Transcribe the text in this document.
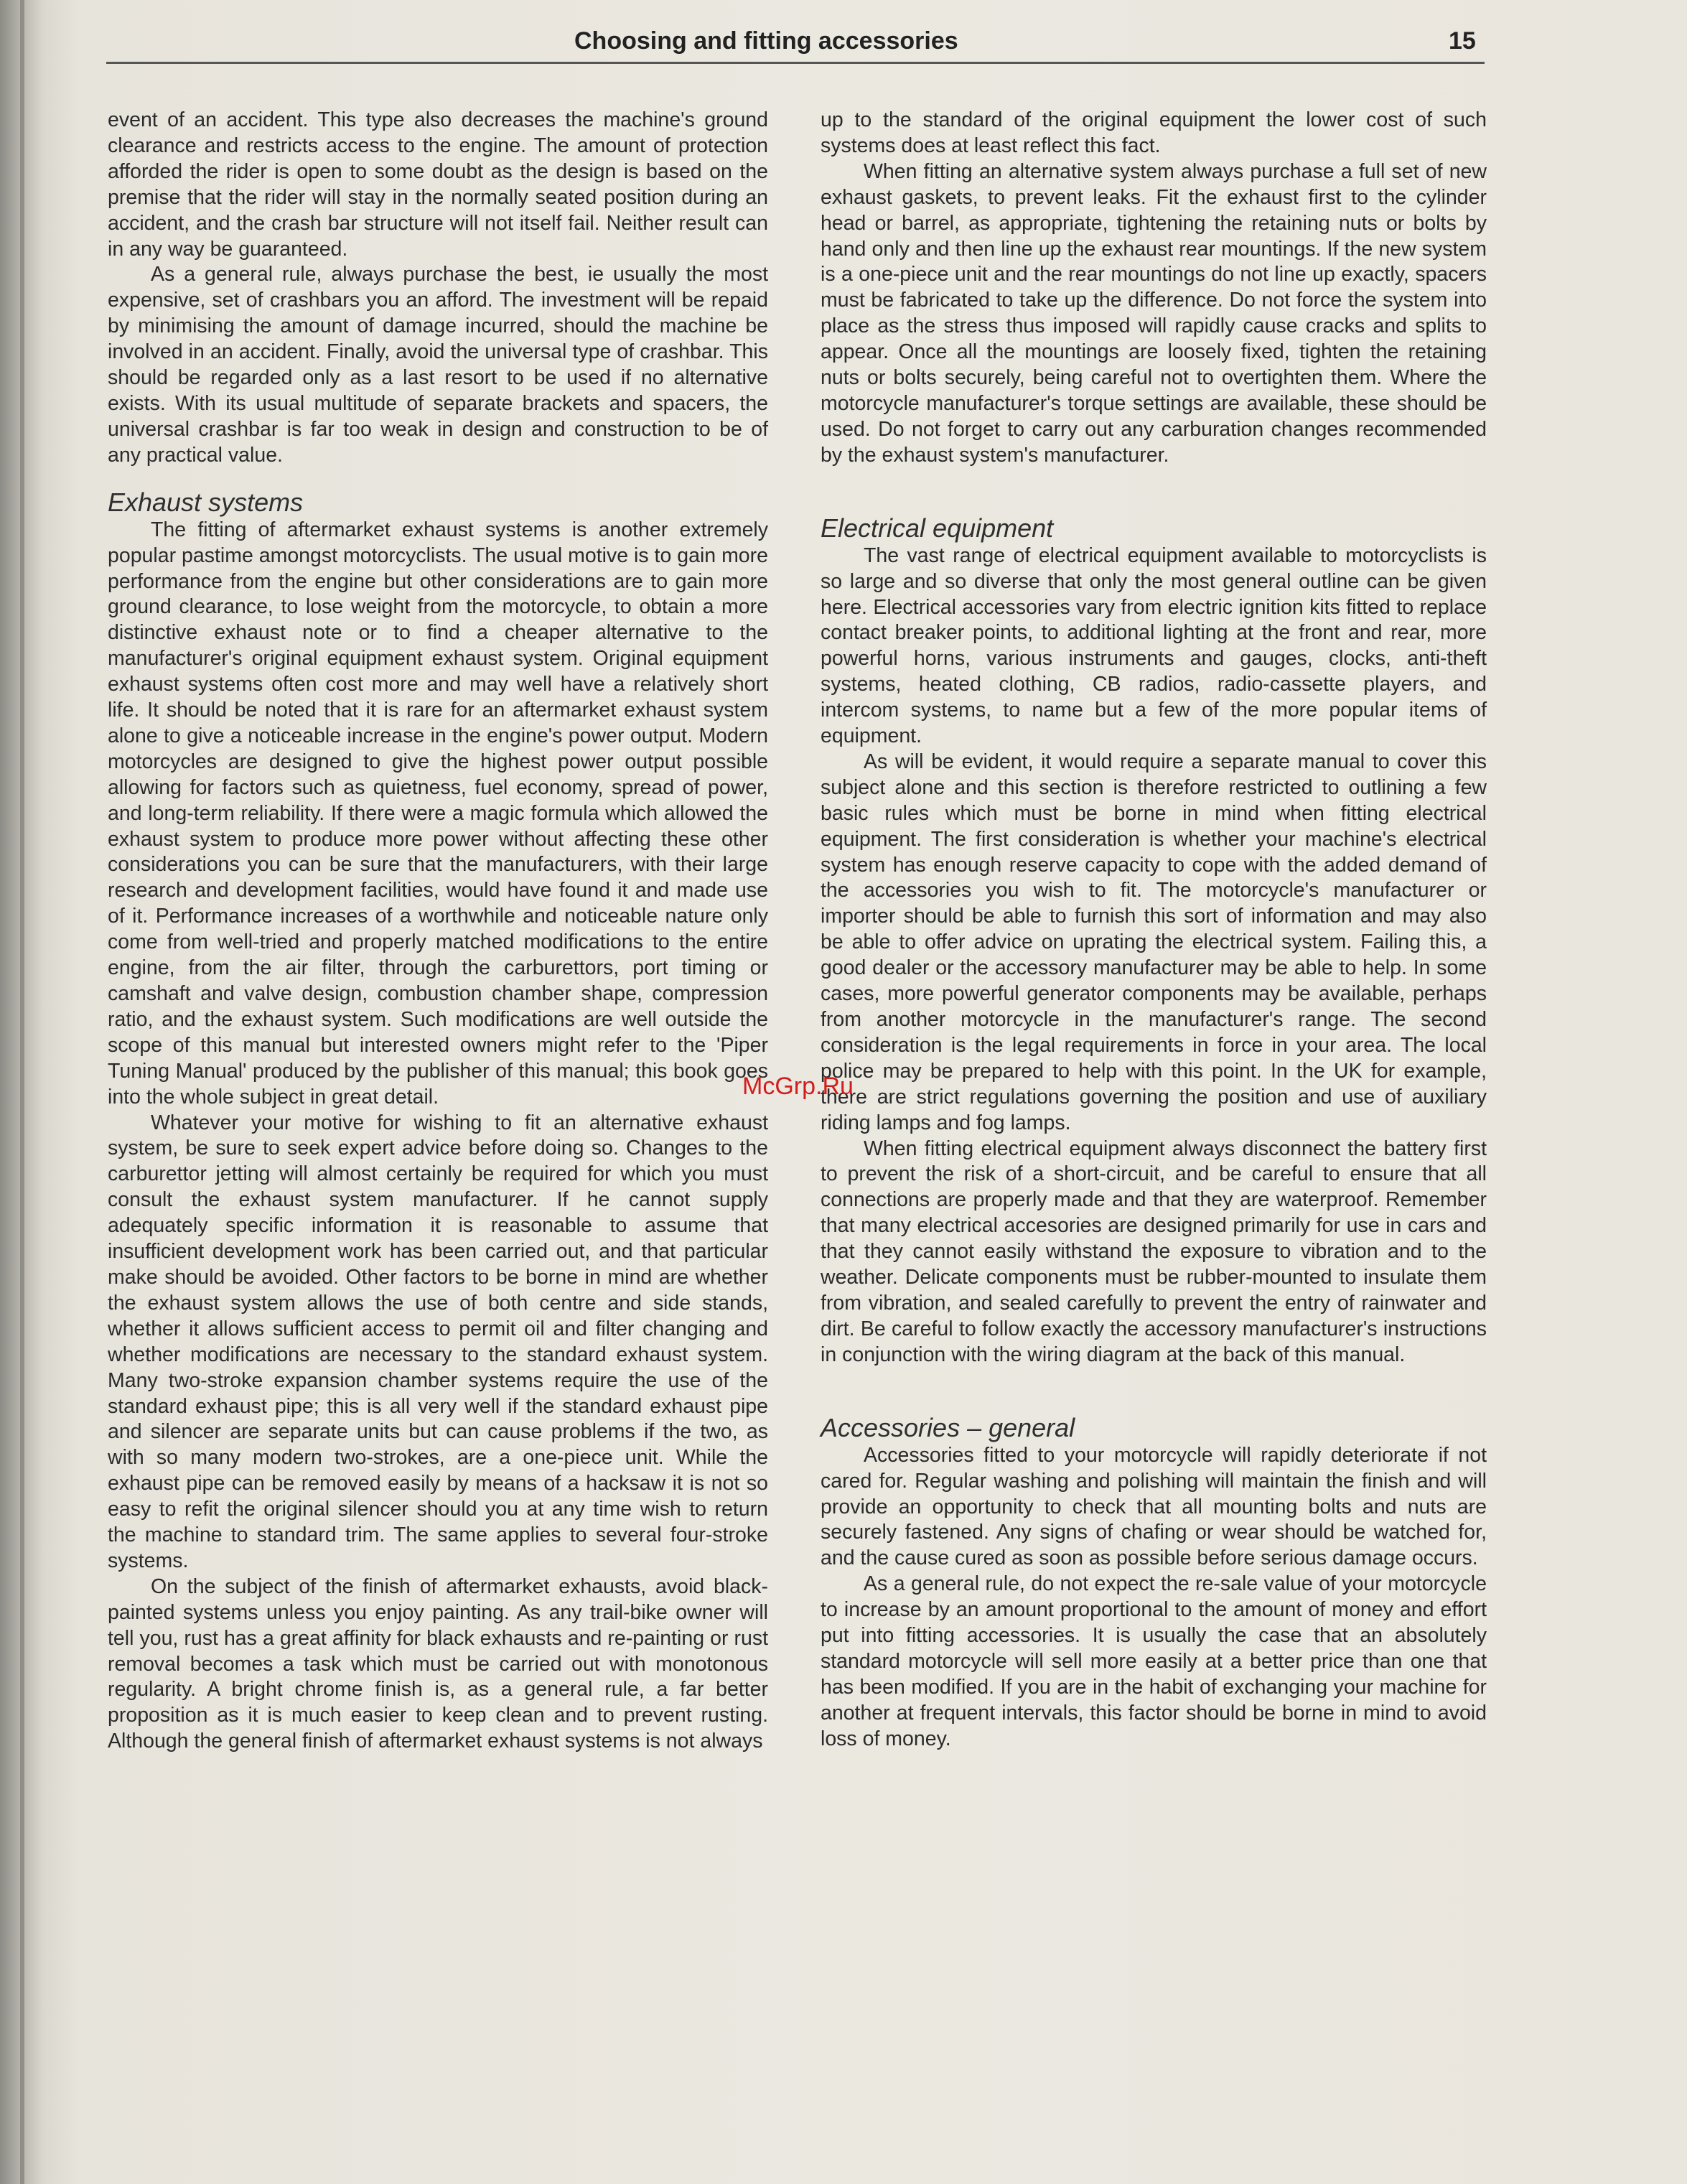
Choosing and fitting accessories	15

event of an accident. This type also decreases the machine's ground clearance and restricts access to the engine. The amount of protection afforded the rider is open to some doubt as the design is based on the premise that the rider will stay in the normally seated position during an accident, and the crash bar structure will not itself fail. Neither result can in any way be guaranteed.

As a general rule, always purchase the best, ie usually the most expensive, set of crashbars you an afford. The investment will be repaid by minimising the amount of damage incurred, should the machine be involved in an accident. Finally, avoid the universal type of crashbar. This should be regarded only as a last resort to be used if no alternative exists. With its usual multitude of separate brackets and spacers, the universal crashbar is far too weak in design and construction to be of any practical value.

Exhaust systems

The fitting of aftermarket exhaust systems is another extremely popular pastime amongst motorcyclists. The usual motive is to gain more performance from the engine but other considerations are to gain more ground clearance, to lose weight from the motorcycle, to obtain a more distinctive exhaust note or to find a cheaper alternative to the manufacturer's original equipment exhaust system. Original equipment exhaust systems often cost more and may well have a relatively short life. It should be noted that it is rare for an aftermarket exhaust system alone to give a noticeable increase in the engine's power output. Modern motorcycles are designed to give the highest power output possible allowing for factors such as quietness, fuel economy, spread of power, and long-term reliability. If there were a magic formula which allowed the exhaust system to produce more power without affecting these other considerations you can be sure that the manufacturers, with their large research and development facilities, would have found it and made use of it. Performance increases of a worthwhile and noticeable nature only come from well-tried and properly matched modifications to the entire engine, from the air filter, through the carburettors, port timing or camshaft and valve design, combustion chamber shape, compression ratio, and the exhaust system. Such modifications are well outside the scope of this manual but interested owners might refer to the 'Piper Tuning Manual' produced by the publisher of this manual; this book goes into the whole subject in great detail.

Whatever your motive for wishing to fit an alternative exhaust system, be sure to seek expert advice before doing so. Changes to the carburettor jetting will almost certainly be required for which you must consult the exhaust system manufacturer. If he cannot supply adequately specific information it is reasonable to assume that insufficient development work has been carried out, and that particular make should be avoided. Other factors to be borne in mind are whether the exhaust system allows the use of both centre and side stands, whether it allows sufficient access to permit oil and filter changing and whether modifications are necessary to the standard exhaust system. Many two-stroke expansion chamber systems require the use of the standard exhaust pipe; this is all very well if the standard exhaust pipe and silencer are separate units but can cause problems if the two, as with so many modern two-strokes, are a one-piece unit. While the exhaust pipe can be removed easily by means of a hacksaw it is not so easy to refit the original silencer should you at any time wish to return the machine to standard trim. The same applies to several four-stroke systems.

On the subject of the finish of aftermarket exhausts, avoid black-painted systems unless you enjoy painting. As any trail-bike owner will tell you, rust has a great affinity for black exhausts and re-painting or rust removal becomes a task which must be carried out with monotonous regularity. A bright chrome finish is, as a general rule, a far better proposition as it is much easier to keep clean and to prevent rusting. Although the general finish of aftermarket exhaust systems is not always

up to the standard of the original equipment the lower cost of such systems does at least reflect this fact.

When fitting an alternative system always purchase a full set of new exhaust gaskets, to prevent leaks. Fit the exhaust first to the cylinder head or barrel, as appropriate, tightening the retaining nuts or bolts by hand only and then line up the exhaust rear mountings. If the new system is a one-piece unit and the rear mountings do not line up exactly, spacers must be fabricated to take up the difference. Do not force the system into place as the stress thus imposed will rapidly cause cracks and splits to appear. Once all the mountings are loosely fixed, tighten the retaining nuts or bolts securely, being careful not to overtighten them. Where the motorcycle manufacturer's torque settings are available, these should be used. Do not forget to carry out any carburation changes recommended by the exhaust system's manufacturer.

Electrical equipment

The vast range of electrical equipment available to motorcyclists is so large and so diverse that only the most general outline can be given here. Electrical accessories vary from electric ignition kits fitted to replace contact breaker points, to additional lighting at the front and rear, more powerful horns, various instruments and gauges, clocks, anti-theft systems, heated clothing, CB radios, radio-cassette players, and intercom systems, to name but a few of the more popular items of equipment.

As will be evident, it would require a separate manual to cover this subject alone and this section is therefore restricted to outlining a few basic rules which must be borne in mind when fitting electrical equipment. The first consideration is whether your machine's electrical system has enough reserve capacity to cope with the added demand of the accessories you wish to fit. The motorcycle's manufacturer or importer should be able to furnish this sort of information and may also be able to offer advice on uprating the electrical system. Failing this, a good dealer or the accessory manufacturer may be able to help. In some cases, more powerful generator components may be available, perhaps from another motorcycle in the manufacturer's range. The second consideration is the legal requirements in force in your area. The local police may be prepared to help with this point. In the UK for example, there are strict regulations governing the position and use of auxiliary riding lamps and fog lamps.

When fitting electrical equipment always disconnect the battery first to prevent the risk of a short-circuit, and be careful to ensure that all connections are properly made and that they are waterproof. Remember that many electrical accesories are designed primarily for use in cars and that they cannot easily withstand the exposure to vibration and to the weather. Delicate components must be rubber-mounted to insulate them from vibration, and sealed carefully to prevent the entry of rainwater and dirt. Be careful to follow exactly the accessory manufacturer's instructions in conjunction with the wiring diagram at the back of this manual.

Accessories – general

Accessories fitted to your motorcycle will rapidly deteriorate if not cared for. Regular washing and polishing will maintain the finish and will provide an opportunity to check that all mounting bolts and nuts are securely fastened. Any signs of chafing or wear should be watched for, and the cause cured as soon as possible before serious damage occurs.

As a general rule, do not expect the re-sale value of your motorcycle to increase by an amount proportional to the amount of money and effort put into fitting accessories. It is usually the case that an absolutely standard motorcycle will sell more easily at a better price than one that has been modified. If you are in the habit of exchanging your machine for another at frequent intervals, this factor should be borne in mind to avoid loss of money.

McGrp.Ru
